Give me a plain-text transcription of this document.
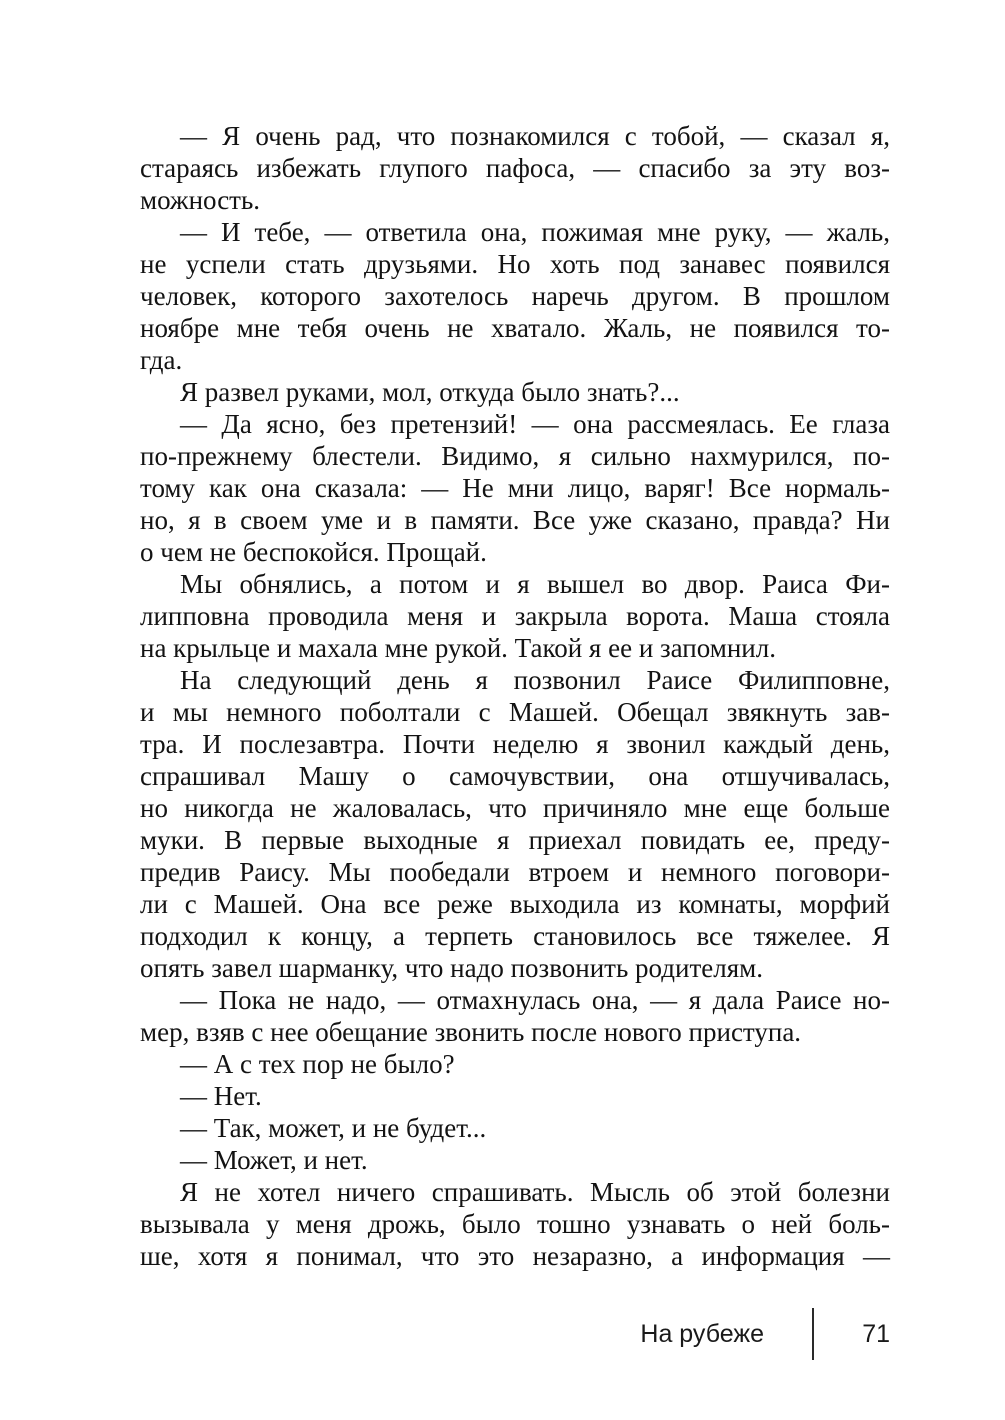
— Я очень рад, что познакомился с тобой, — сказал я,
стараясь избежать глупого пафоса, — спасибо за эту воз-
можность.
— И тебе, — ответила она, пожимая мне руку, — жаль,
не успели стать друзьями. Но хоть под занавес появился
человек, которого захотелось наречь другом. В прошлом
ноябре мне тебя очень не хватало. Жаль, не появился то-
гда.
Я развел руками, мол, откуда было знать?...
— Да ясно, без претензий! — она рассмеялась. Ее глаза
по-прежнему блестели. Видимо, я сильно нахмурился, по-
тому как она сказала: — Не мни лицо, варяг! Все нормаль-
но, я в своем уме и в памяти. Все уже сказано, правда? Ни
о чем не беспокойся. Прощай.
Мы обнялись, а потом и я вышел во двор. Раиса Фи-
липповна проводила меня и закрыла ворота. Маша стояла
на крыльце и махала мне рукой. Такой я ее и запомнил.
На следующий день я позвонил Раисе Филипповне,
и мы немного поболтали с Машей. Обещал звякнуть зав-
тра. И послезавтра. Почти неделю я звонил каждый день,
спрашивал Машу о самочувствии, она отшучивалась,
но никогда не жаловалась, что причиняло мне еще больше
муки. В первые выходные я приехал повидать ее, преду-
предив Раису. Мы пообедали втроем и немного поговори-
ли с Машей. Она все реже выходила из комнаты, морфий
подходил к концу, а терпеть становилось все тяжелее. Я
опять завел шарманку, что надо позвонить родителям.
— Пока не надо, — отмахнулась она, — я дала Раисе но-
мер, взяв с нее обещание звонить после нового приступа.
— А с тех пор не было?
— Нет.
— Так, может, и не будет...
— Может, и нет.
Я не хотел ничего спрашивать. Мысль об этой болезни
вызывала у меня дрожь, было тошно узнавать о ней боль-
ше, хотя я понимал, что это незаразно, а информация —
На рубеже	71
